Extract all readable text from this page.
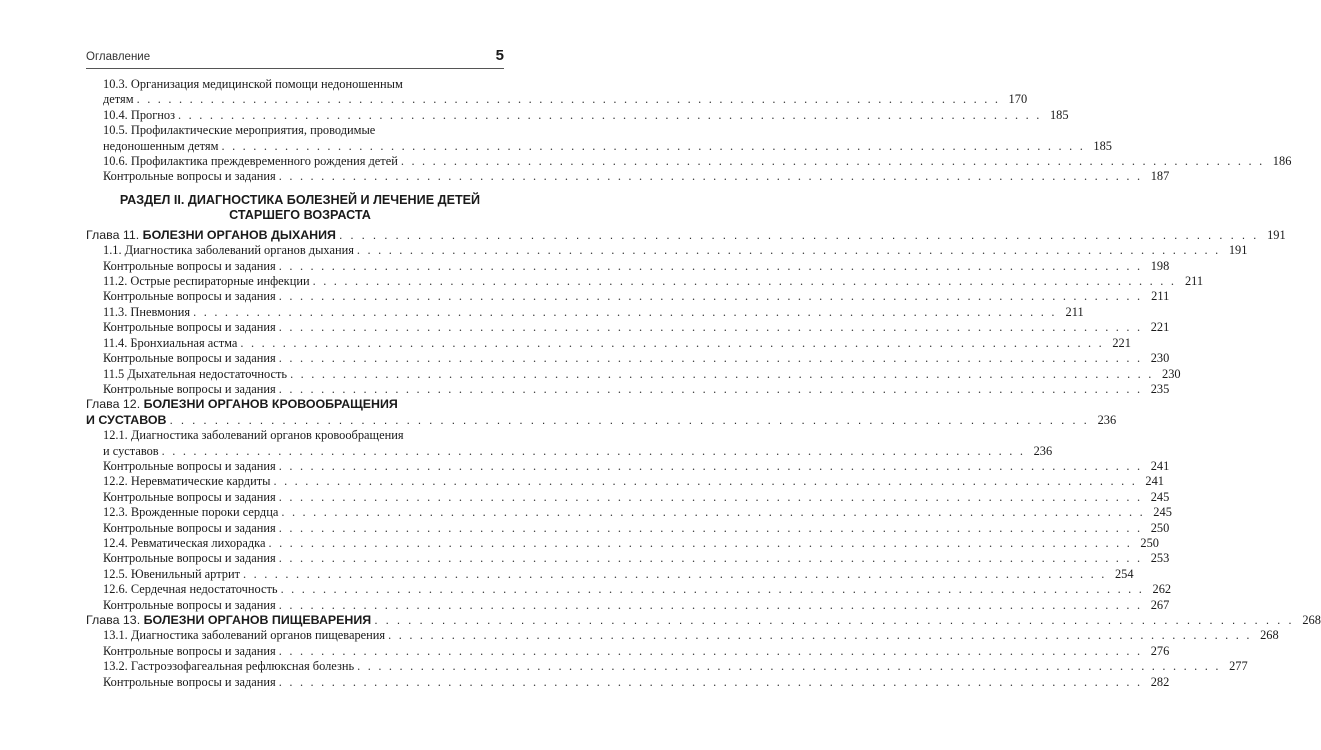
Оглавление	5
10.3. Организация медицинской помощи недоношенным
детям . . .	170
10.4. Прогноз . . .	185
10.5. Профилактические мероприятия, проводимые
недоношенным детям . . .	185
10.6. Профилактика преждевременного рождения детей . . .	186
Контрольные вопросы и задания . . .	187
РАЗДЕЛ II. ДИАГНОСТИКА БОЛЕЗНЕЙ И ЛЕЧЕНИЕ ДЕТЕЙ
СТАРШЕГО ВОЗРАСТА
Глава 11. БОЛЕЗНИ ОРГАНОВ ДЫХАНИЯ . . .	191
1.1. Диагностика заболеваний органов дыхания . . .	191
Контрольные вопросы и задания . . .	198
11.2. Острые респираторные инфекции . . .	211
Контрольные вопросы и задания . . .	211
11.3. Пневмония . . .	211
Контрольные вопросы и задания . . .	221
11.4. Бронхиальная астма . . .	221
Контрольные вопросы и задания . . .	230
11.5 Дыхательная недостаточность . . .	230
Контрольные вопросы и задания . . .	235
Глава 12. БОЛЕЗНИ ОРГАНОВ КРОВООБРАЩЕНИЯ
И СУСТАВОВ . . .	236
12.1. Диагностика заболеваний органов кровообращения
и суставов . . .	236
Контрольные вопросы и задания . . .	241
12.2. Неревматические кардиты . . .	241
Контрольные вопросы и задания . . .	245
12.3. Врожденные пороки сердца . . .	245
Контрольные вопросы и задания . . .	250
12.4. Ревматическая лихорадка . . .	250
Контрольные вопросы и задания . . .	253
12.5. Ювенильный артрит . . .	254
12.6. Сердечная недостаточность . . .	262
Контрольные вопросы и задания . . .	267
Глава 13. БОЛЕЗНИ ОРГАНОВ ПИЩЕВАРЕНИЯ . . .	268
13.1. Диагностика заболеваний органов пищеварения . . .	268
Контрольные вопросы и задания . . .	276
13.2. Гастроэзофагеальная рефлюксная болезнь . . .	277
Контрольные вопросы и задания . . .	282
